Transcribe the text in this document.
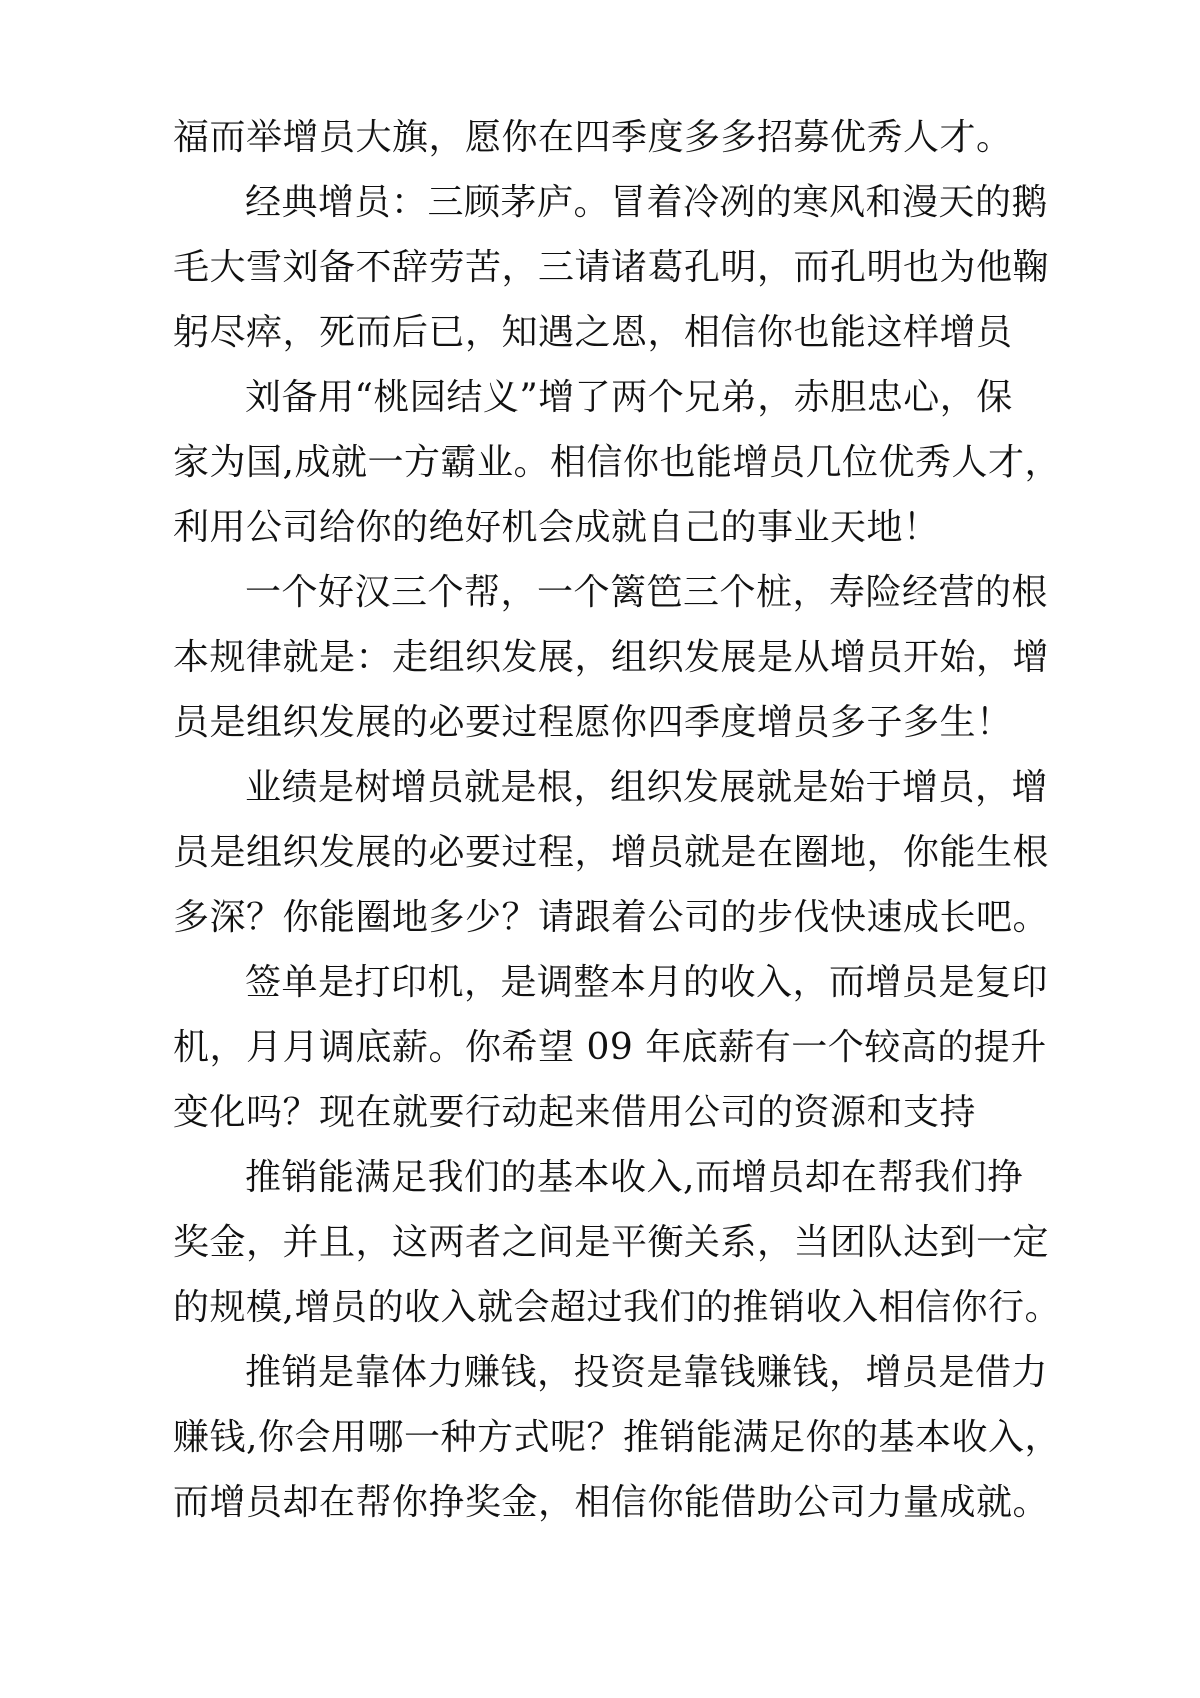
福而举增员大旗，愿你在四季度多多招募优秀人才。
经典增员：三顾茅庐。冒着冷冽的寒风和漫天的鹅
毛大雪刘备不辞劳苦，三请诸葛孔明，而孔明也为他鞠
躬尽瘁，死而后已，知遇之恩，相信你也能这样增员
刘备用“桃园结义”增了两个兄弟，赤胆忠心，保
家为国,成就一方霸业。相信你也能增员几位优秀人才，
利用公司给你的绝好机会成就自己的事业天地！
一个好汉三个帮，一个篱笆三个桩，寿险经营的根
本规律就是：走组织发展，组织发展是从增员开始，增
员是组织发展的必要过程愿你四季度增员多子多生！
业绩是树增员就是根，组织发展就是始于增员，增
员是组织发展的必要过程，增员就是在圈地，你能生根
多深？你能圈地多少？请跟着公司的步伐快速成长吧。
签单是打印机，是调整本月的收入，而增员是复印
机，月月调底薪。你希望 09 年底薪有一个较高的提升
变化吗？现在就要行动起来借用公司的资源和支持
推销能满足我们的基本收入,而增员却在帮我们挣
奖金，并且，这两者之间是平衡关系，当团队达到一定
的规模,增员的收入就会超过我们的推销收入相信你行。
推销是靠体力赚钱，投资是靠钱赚钱，增员是借力
赚钱,你会用哪一种方式呢？推销能满足你的基本收入，
而增员却在帮你挣奖金，相信你能借助公司力量成就。
